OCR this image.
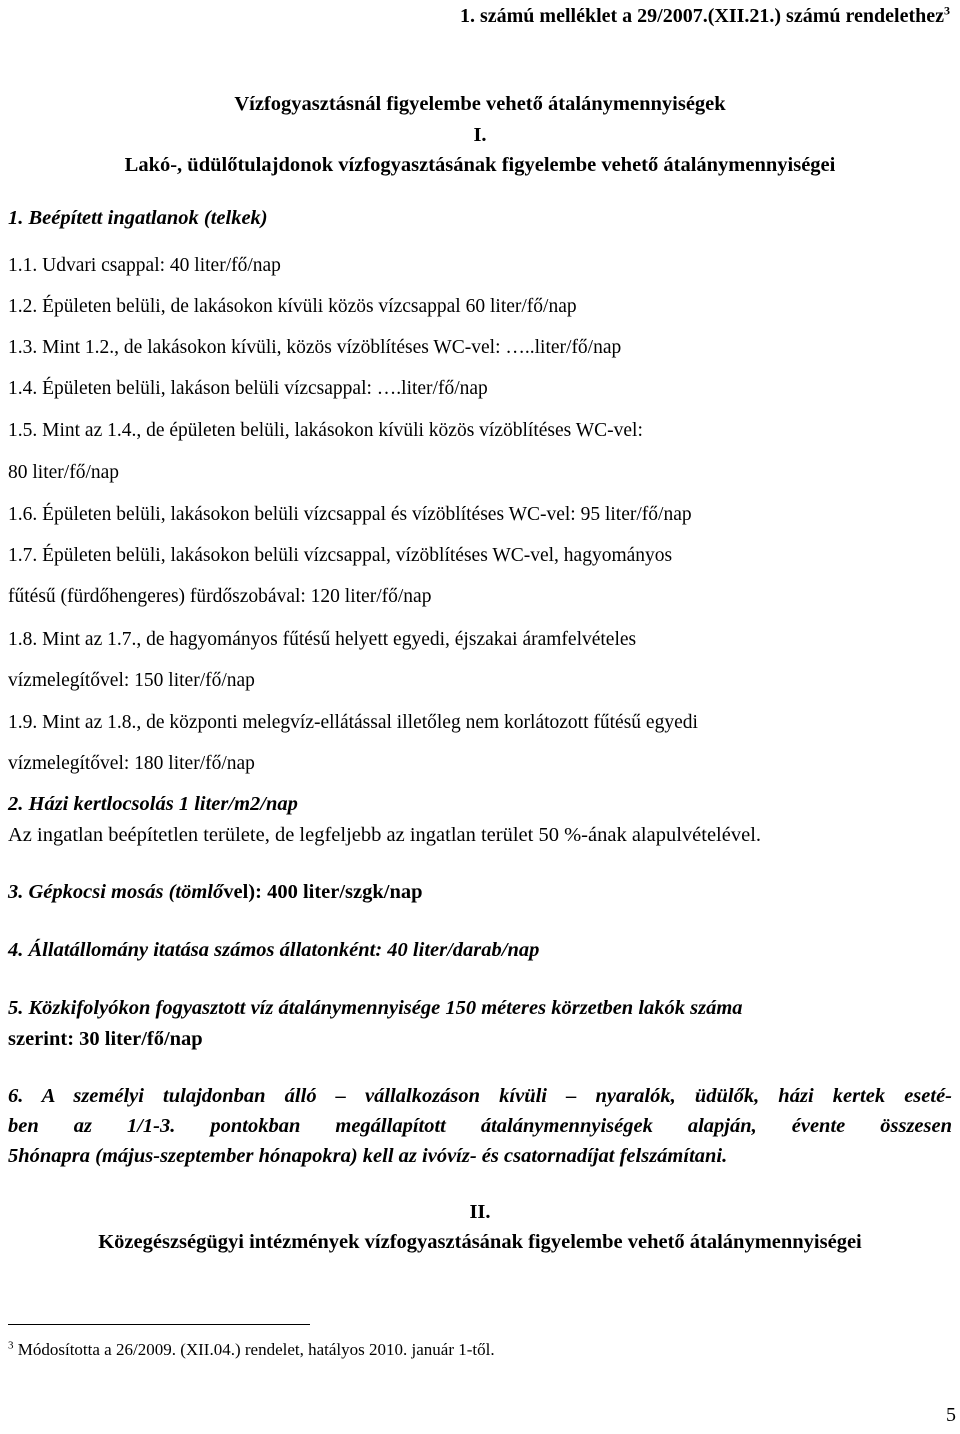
1. számú melléklet a 29/2007.(XII.21.) számú rendelethez$^3$
Vízfogyasztásnál figyelembe vehető átalánymennyiségek
I.
Lakó-, üdülőtulajdonok vízfogyasztásának figyelembe vehető átalánymennyiségei
1. Beépített ingatlanok (telkek)
1.1. Udvari csappal: 40 liter/fő/nap
1.2. Épületen belüli, de lakásokon kívüli közös vízcsappal 60 liter/fő/nap
1.3. Mint 1.2., de lakásokon kívüli, közös vízöblítéses WC-vel: …..liter/fő/nap
1.4. Épületen belüli, lakáson belüli vízcsappal: ….liter/fő/nap
1.5. Mint az 1.4., de épületen belüli, lakásokon kívüli közös vízöblítéses WC-vel:
80 liter/fő/nap
1.6. Épületen belüli, lakásokon belüli vízcsappal és vízöblítéses WC-vel: 95 liter/fő/nap
1.7. Épületen belüli, lakásokon belüli vízcsappal, vízöblítéses WC-vel, hagyományos
fűtésű (fürdőhengeres) fürdőszobával: 120 liter/fő/nap
1.8. Mint az 1.7., de hagyományos fűtésű helyett egyedi, éjszakai áramfelvételes
vízmelegítővel: 150 liter/fő/nap
1.9. Mint az 1.8., de központi melegvíz-ellátással illetőleg nem korlátozott fűtésű egyedi
vízmelegítővel: 180 liter/fő/nap
2. Házi kertlocsolás 1 liter/m2/nap
Az ingatlan beépítetlen területe, de legfeljebb az ingatlan terület 50 %-ának alapulvételével.
3. Gépkocsi mosás (tömlővel): 400 liter/szgk/nap
4. Állatállomány itatása számos állatonként: 40 liter/darab/nap
5. Közkifolyókon fogyasztott víz átalánymennyisége 150 méteres körzetben lakók száma
szerint: 30 liter/fő/nap
6. A személyi tulajdonban álló – vállalkozáson kívüli – nyaralók, üdülők, házi kertek eseté-
ben az 1/1-3. pontokban megállapított átalánymennyiségek alapján, évente összesen
5hónapra (május-szeptember hónapokra) kell az ivóvíz- és csatornadíjat felszámítani.
II.
Közegészségügyi intézmények vízfogyasztásának figyelembe vehető átalánymennyiségei
$^3$ Módosította a 26/2009. (XII.04.) rendelet, hatályos 2010. január 1-től.
5
